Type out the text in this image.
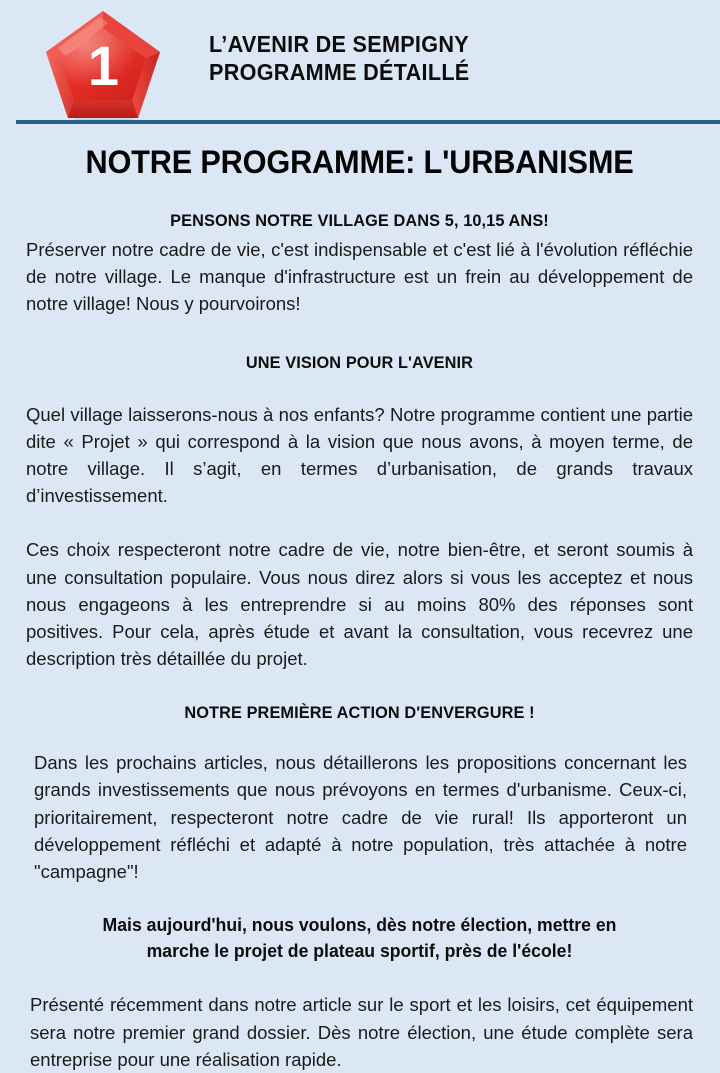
1	L’AVENIR DE SEMPIGNY
PROGRAMME DÉTAILLÉ
NOTRE PROGRAMME: L'URBANISME
PENSONS NOTRE VILLAGE DANS 5, 10,15 ANS!

Préserver notre cadre de vie, c'est indispensable et c'est lié à l'évolution réfléchie de notre village. Le manque d'infrastructure est un frein au développement de notre village! Nous y pourvoirons!

UNE VISION POUR L'AVENIR

Quel village laisserons-nous à nos enfants? Notre programme contient une partie dite « Projet » qui correspond à la vision que nous avons, à moyen terme, de notre village. Il s’agit, en termes d’urbanisation, de grands travaux d’investissement.

Ces choix respecteront notre cadre de vie, notre bien-être, et seront soumis à une consultation populaire. Vous nous direz alors si vous les acceptez et nous nous engageons à les entreprendre si au moins 80% des réponses sont positives. Pour cela, après étude et avant la consultation, vous recevrez une description très détaillée du projet.

NOTRE PREMIÈRE ACTION D'ENVERGURE !

Dans les prochains articles, nous détaillerons les propositions concernant les grands investissements que nous prévoyons en termes d'urbanisme. Ceux-ci, prioritairement, respecteront notre cadre de vie rural! Ils apporteront un développement réfléchi et adapté à notre population, très attachée à notre "campagne"!

Mais aujourd'hui, nous voulons, dès notre élection, mettre en marche le projet de plateau sportif, près de l'école!

Présenté récemment dans notre article sur le sport et les loisirs, cet équipement sera notre premier grand dossier. Dès notre élection, une étude complète sera entreprise pour une réalisation rapide.
